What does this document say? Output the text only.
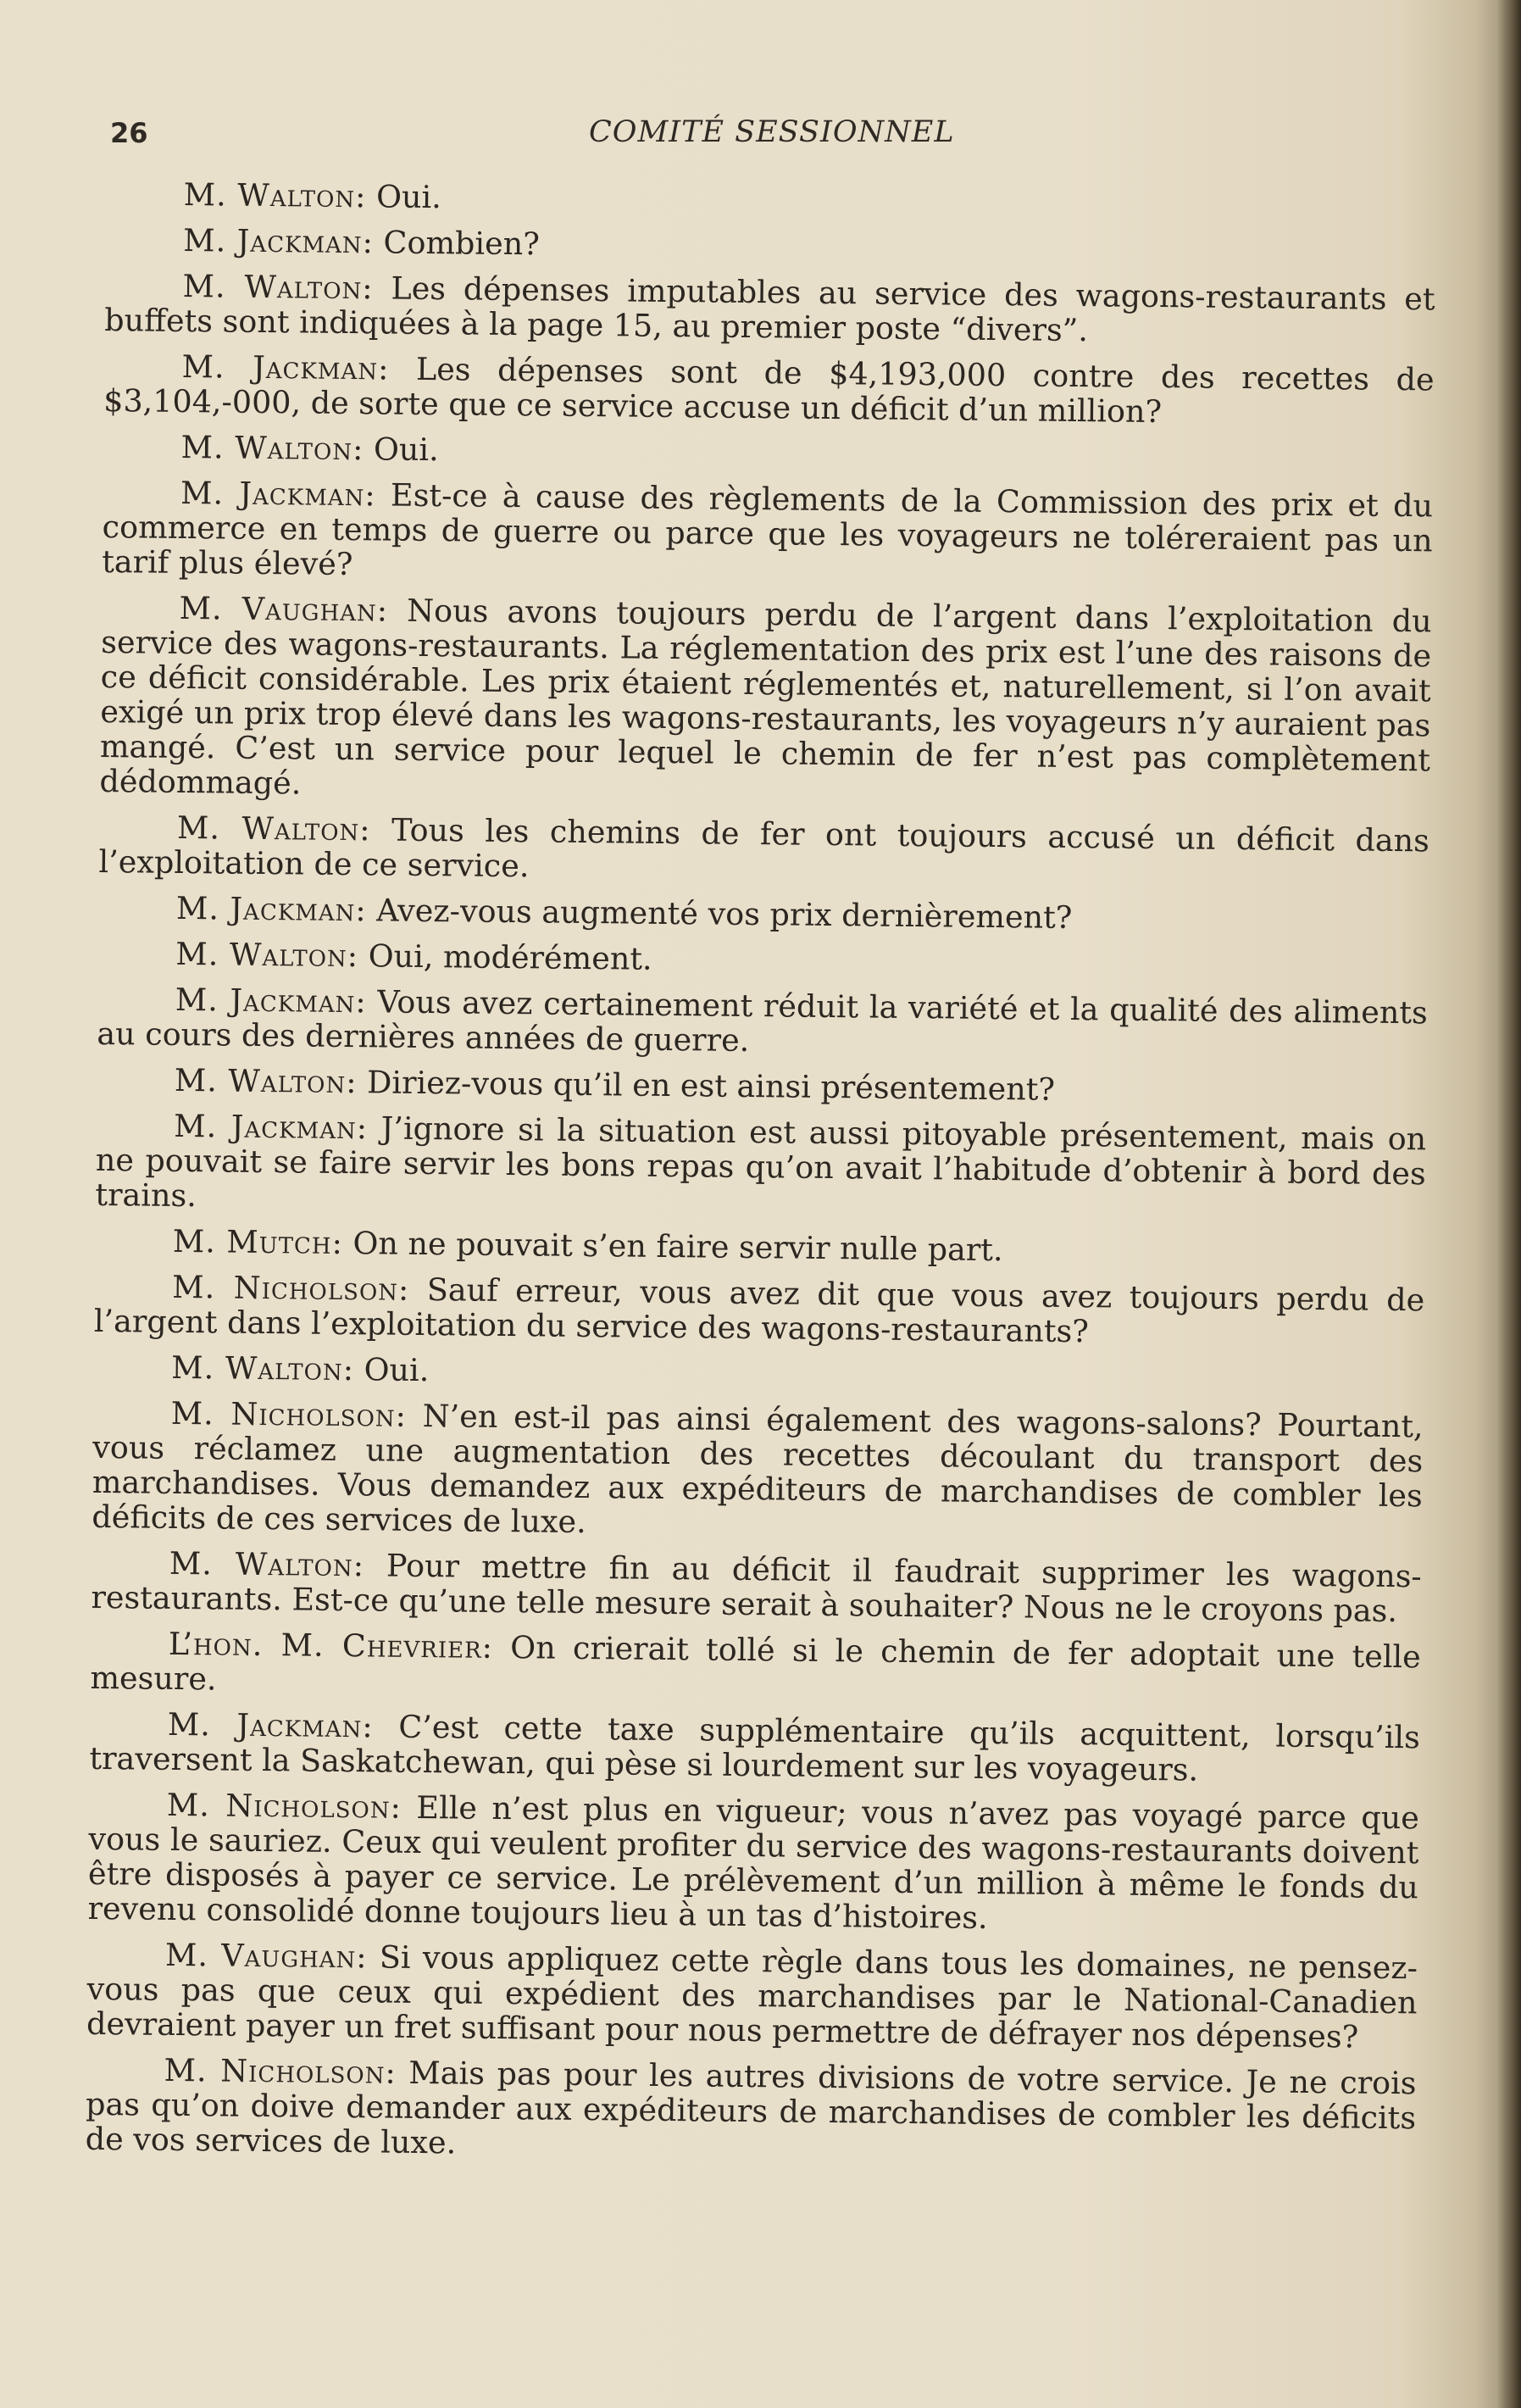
26	COMITÉ SESSIONNEL

M. Walton: Oui.

M. Jackman: Combien?

M. Walton: Les dépenses imputables au service des wagons-restaurants et buffets sont indiquées à la page 15, au premier poste “divers”.

M. Jackman: Les dépenses sont de $4,193,000 contre des recettes de $3,104,-000, de sorte que ce service accuse un déficit d’un million?

M. Walton: Oui.

M. Jackman: Est-ce à cause des règlements de la Commission des prix et du commerce en temps de guerre ou parce que les voyageurs ne toléreraient pas un tarif plus élevé?

M. Vaughan: Nous avons toujours perdu de l’argent dans l’exploitation du service des wagons-restaurants. La réglementation des prix est l’une des raisons de ce déficit considérable. Les prix étaient réglementés et, naturellement, si l’on avait exigé un prix trop élevé dans les wagons-restaurants, les voyageurs n’y auraient pas mangé. C’est un service pour lequel le chemin de fer n’est pas complètement dédommagé.

M. Walton: Tous les chemins de fer ont toujours accusé un déficit dans l’exploitation de ce service.

M. Jackman: Avez-vous augmenté vos prix dernièrement?

M. Walton: Oui, modérément.

M. Jackman: Vous avez certainement réduit la variété et la qualité des aliments au cours des dernières années de guerre.

M. Walton: Diriez-vous qu’il en est ainsi présentement?

M. Jackman: J’ignore si la situation est aussi pitoyable présentement, mais on ne pouvait se faire servir les bons repas qu’on avait l’habitude d’obtenir à bord des trains.

M. Mutch: On ne pouvait s’en faire servir nulle part.

M. Nicholson: Sauf erreur, vous avez dit que vous avez toujours perdu de l’argent dans l’exploitation du service des wagons-restaurants?

M. Walton: Oui.

M. Nicholson: N’en est-il pas ainsi également des wagons-salons? Pourtant, vous réclamez une augmentation des recettes découlant du transport des marchandises. Vous demandez aux expéditeurs de marchandises de combler les déficits de ces services de luxe.

M. Walton: Pour mettre fin au déficit il faudrait supprimer les wagons-restaurants. Est-ce qu’une telle mesure serait à souhaiter? Nous ne le croyons pas.

L’hon. M. Chevrier: On crierait tollé si le chemin de fer adoptait une telle mesure.

M. Jackman: C’est cette taxe supplémentaire qu’ils acquittent, lorsqu’ils traversent la Saskatchewan, qui pèse si lourdement sur les voyageurs.

M. Nicholson: Elle n’est plus en vigueur; vous n’avez pas voyagé parce que vous le sauriez. Ceux qui veulent profiter du service des wagons-restaurants doivent être disposés à payer ce service. Le prélèvement d’un million à même le fonds du revenu consolidé donne toujours lieu à un tas d’histoires.

M. Vaughan: Si vous appliquez cette règle dans tous les domaines, ne pensez-vous pas que ceux qui expédient des marchandises par le National-Canadien devraient payer un fret suffisant pour nous permettre de défrayer nos dépenses?

M. Nicholson: Mais pas pour les autres divisions de votre service. Je ne crois pas qu’on doive demander aux expéditeurs de marchandises de combler les déficits de vos services de luxe.
